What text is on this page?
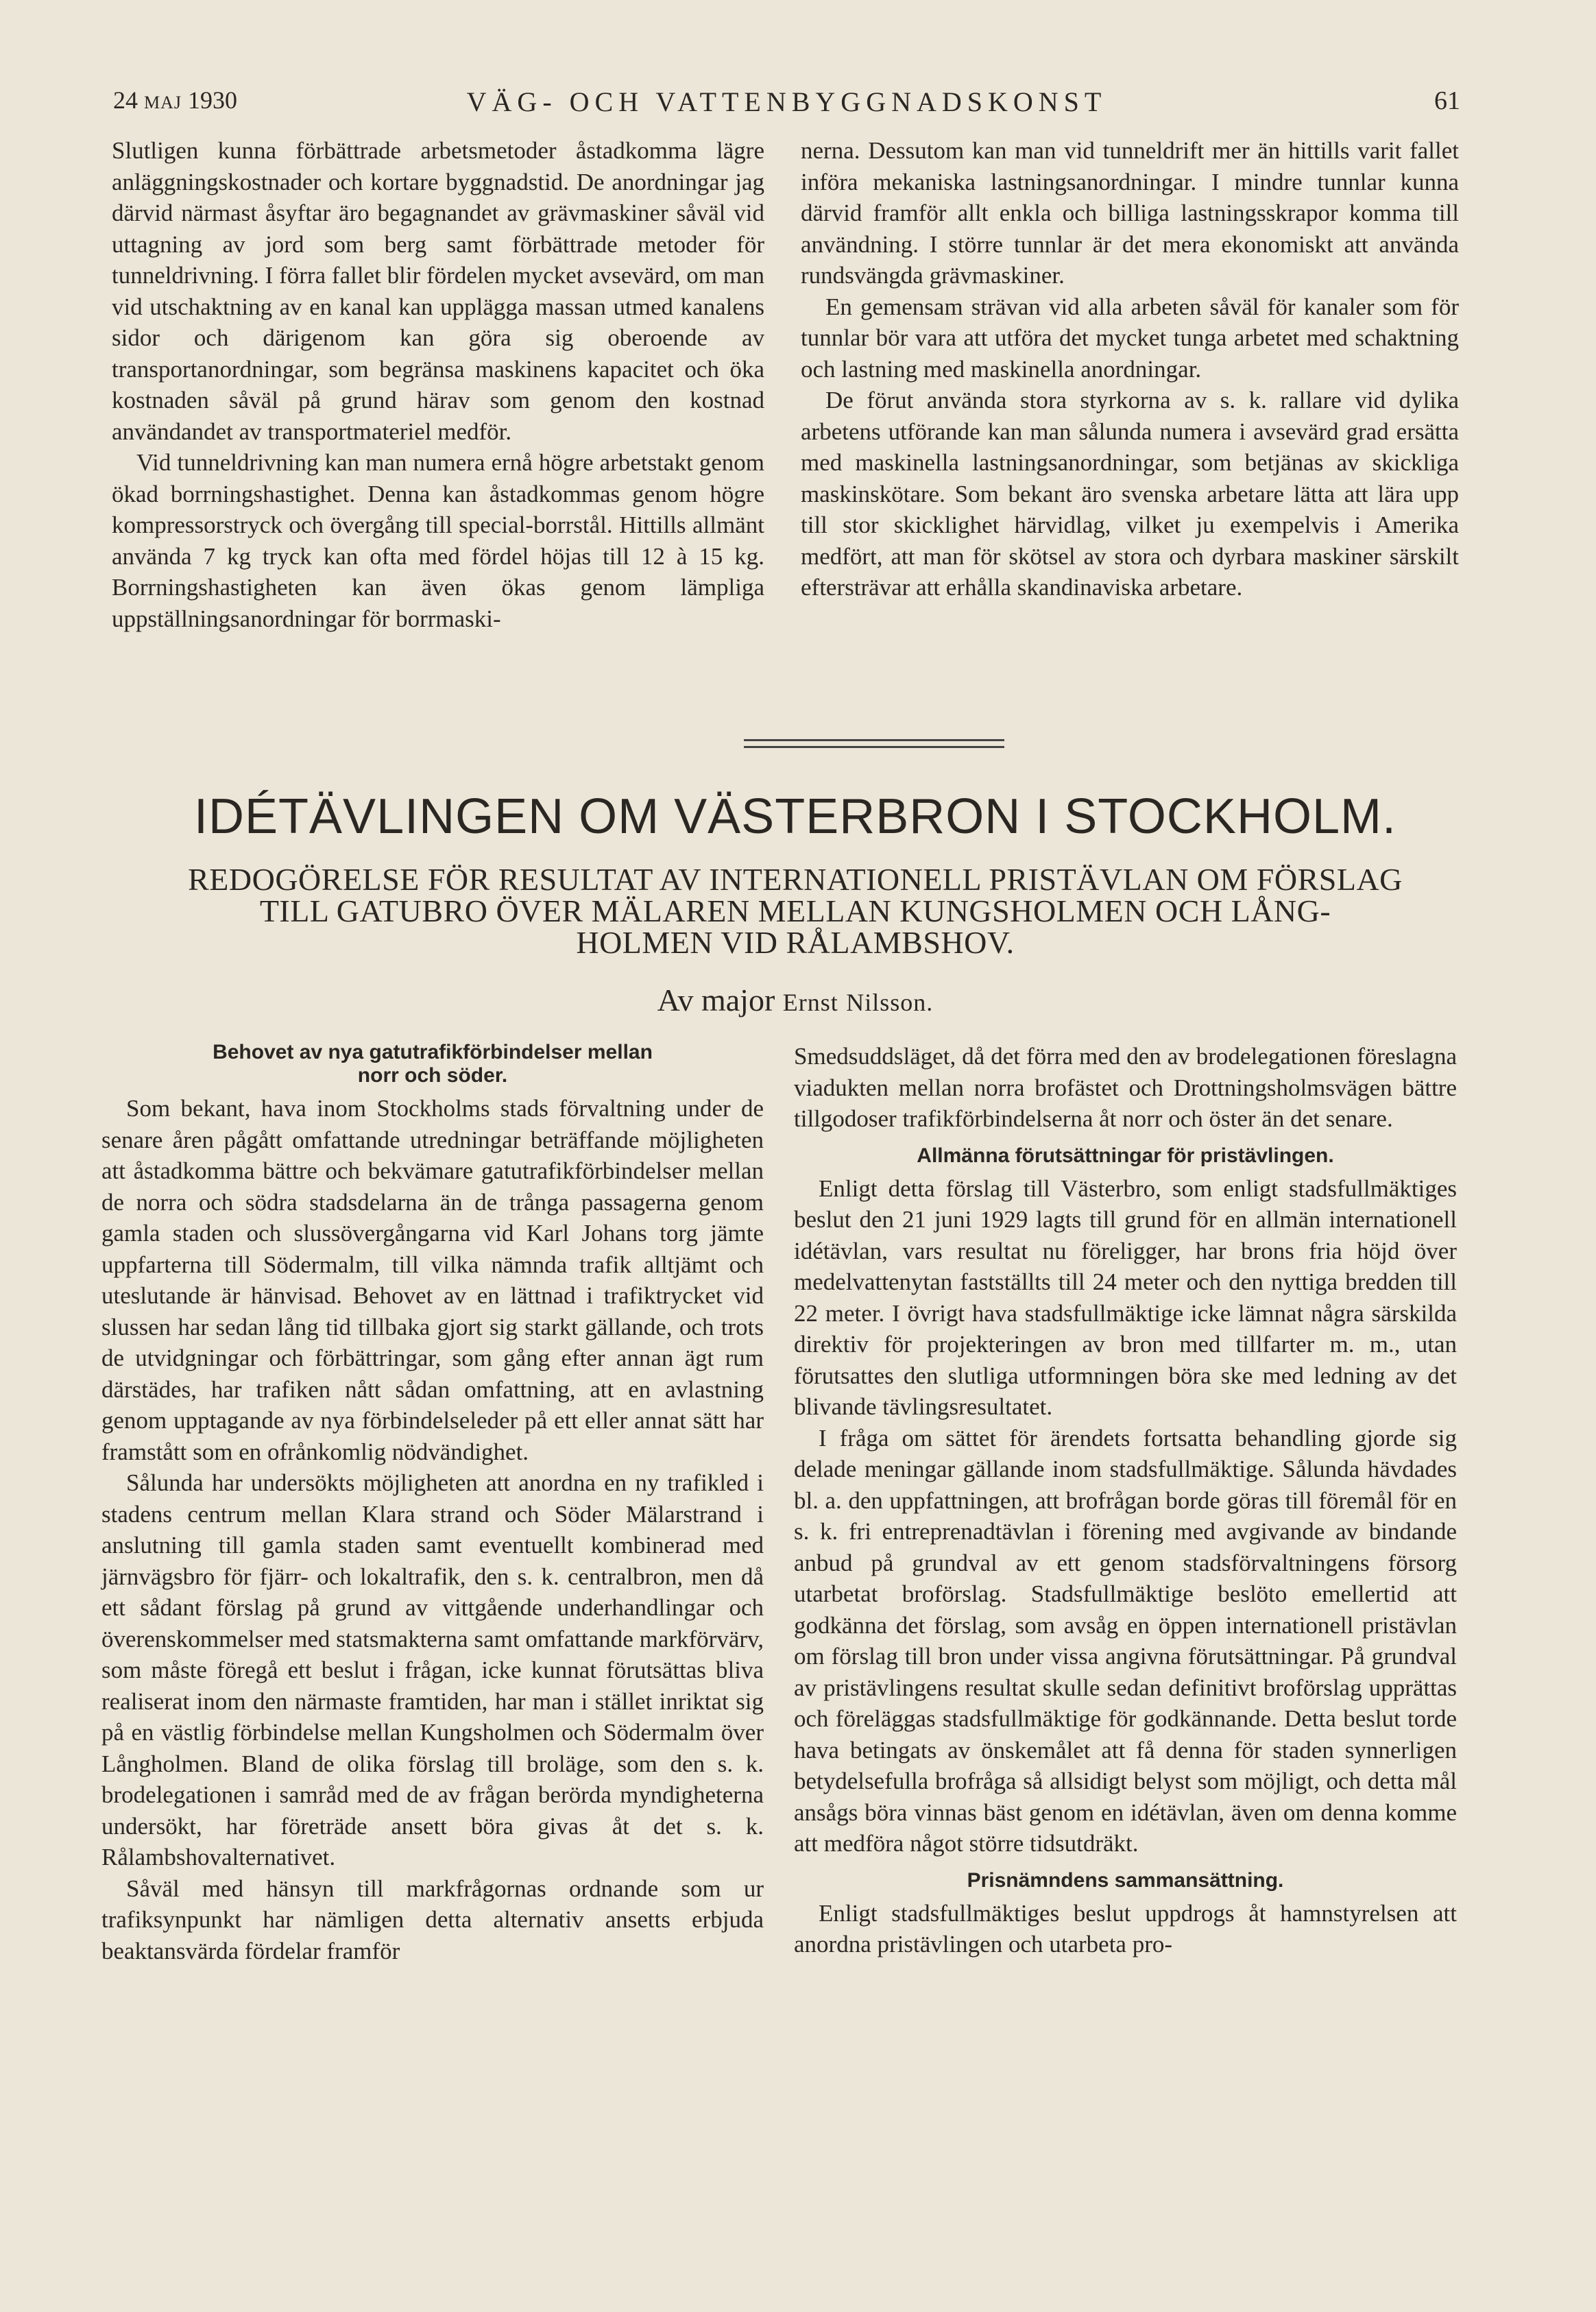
24 MAJ 1930	VÄG- OCH VATTENBYGGNADSKONST	61

Slutligen kunna förbättrade arbetsmetoder åstadkomma lägre anläggningskostnader och kortare byggnadstid. De anordningar jag därvid närmast åsyftar äro begagnandet av grävmaskiner såväl vid uttagning av jord som berg samt förbättrade metoder för tunneldrivning. I förra fallet blir fördelen mycket avsevärd, om man vid utschaktning av en kanal kan upplägga massan utmed kanalens sidor och därigenom kan göra sig oberoende av transportanordningar, som begränsa maskinens kapacitet och öka kostnaden såväl på grund härav som genom den kostnad användandet av transportmateriel medför.

Vid tunneldrivning kan man numera ernå högre arbetstakt genom ökad borrningshastighet. Denna kan åstadkommas genom högre kompressorstryck och övergång till special-borrstål. Hittills allmänt använda 7 kg tryck kan ofta med fördel höjas till 12 à 15 kg. Borrningshastigheten kan även ökas genom lämpliga uppställningsanordningar för borrmaski-

nerna. Dessutom kan man vid tunneldrift mer än hittills varit fallet införa mekaniska lastningsanordningar. I mindre tunnlar kunna därvid framför allt enkla och billiga lastningsskrapor komma till användning. I större tunnlar är det mera ekonomiskt att använda rundsvängda grävmaskiner.

En gemensam strävan vid alla arbeten såväl för kanaler som för tunnlar bör vara att utföra det mycket tunga arbetet med schaktning och lastning med maskinella anordningar.

De förut använda stora styrkorna av s. k. rallare vid dylika arbetens utförande kan man sålunda numera i avsevärd grad ersätta med maskinella lastningsanordningar, som betjänas av skickliga maskinskötare. Som bekant äro svenska arbetare lätta att lära upp till stor skicklighet härvidlag, vilket ju exempelvis i Amerika medfört, att man för skötsel av stora och dyrbara maskiner särskilt eftersträvar att erhålla skandinaviska arbetare.

IDÉTÄVLINGEN OM VÄSTERBRON I STOCKHOLM.
REDOGÖRELSE FÖR RESULTAT AV INTERNATIONELL PRISTÄVLAN OM FÖRSLAG
TILL GATUBRO ÖVER MÄLAREN MELLAN KUNGSHOLMEN OCH LÅNG-
HOLMEN VID RÅLAMBSHOV.
Av major Ernst Nilsson.
Behovet av nya gatutrafikförbindelser mellan
norr och söder.

Som bekant, hava inom Stockholms stads förvaltning under de senare åren pågått omfattande utredningar beträffande möjligheten att åstadkomma bättre och bekvämare gatutrafikförbindelser mellan de norra och södra stadsdelarna än de trånga passagerna genom gamla staden och slussövergångarna vid Karl Johans torg jämte uppfarterna till Södermalm, till vilka nämnda trafik alltjämt och uteslutande är hänvisad. Behovet av en lättnad i trafiktrycket vid slussen har sedan lång tid tillbaka gjort sig starkt gällande, och trots de utvidgningar och förbättringar, som gång efter annan ägt rum därstädes, har trafiken nått sådan omfattning, att en avlastning genom upptagande av nya förbindelseleder på ett eller annat sätt har framstått som en ofrånkomlig nödvändighet.

Sålunda har undersökts möjligheten att anordna en ny trafikled i stadens centrum mellan Klara strand och Söder Mälarstrand i anslutning till gamla staden samt eventuellt kombinerad med järnvägsbro för fjärr- och lokaltrafik, den s. k. centralbron, men då ett sådant förslag på grund av vittgående underhandlingar och överenskommelser med statsmakterna samt omfattande markförvärv, som måste föregå ett beslut i frågan, icke kunnat förutsättas bliva realiserat inom den närmaste framtiden, har man i stället inriktat sig på en västlig förbindelse mellan Kungsholmen och Södermalm över Långholmen. Bland de olika förslag till broläge, som den s. k. brodelegationen i samråd med de av frågan berörda myndigheterna undersökt, har företräde ansett böra givas åt det s. k. Rålambshovalternativet.

Såväl med hänsyn till markfrågornas ordnande som ur trafiksynpunkt har nämligen detta alternativ ansetts erbjuda beaktansvärda fördelar framför

Smedsuddsläget, då det förra med den av brodelegationen föreslagna viadukten mellan norra brofästet och Drottningsholmsvägen bättre tillgodoser trafikförbindelserna åt norr och öster än det senare.

Allmänna förutsättningar för pristävlingen.

Enligt detta förslag till Västerbro, som enligt stadsfullmäktiges beslut den 21 juni 1929 lagts till grund för en allmän internationell idétävlan, vars resultat nu föreligger, har brons fria höjd över medelvattenytan fastställts till 24 meter och den nyttiga bredden till 22 meter. I övrigt hava stadsfullmäktige icke lämnat några särskilda direktiv för projekteringen av bron med tillfarter m. m., utan förutsattes den slutliga utformningen böra ske med ledning av det blivande tävlingsresultatet.

I fråga om sättet för ärendets fortsatta behandling gjorde sig delade meningar gällande inom stadsfullmäktige. Sålunda hävdades bl. a. den uppfattningen, att brofrågan borde göras till föremål för en s. k. fri entreprenadtävlan i förening med avgivande av bindande anbud på grundval av ett genom stadsförvaltningens försorg utarbetat broförslag. Stadsfullmäktige beslöto emellertid att godkänna det förslag, som avsåg en öppen internationell pristävlan om förslag till bron under vissa angivna förutsättningar. På grundval av pristävlingens resultat skulle sedan definitivt broförslag upprättas och föreläggas stadsfullmäktige för godkännande. Detta beslut torde hava betingats av önskemålet att få denna för staden synnerligen betydelsefulla brofråga så allsidigt belyst som möjligt, och detta mål ansågs böra vinnas bäst genom en idétävlan, även om denna komme att medföra något större tidsutdräkt.

Prisnämndens sammansättning.

Enligt stadsfullmäktiges beslut uppdrogs åt hamnstyrelsen att anordna pristävlingen och utarbeta pro-
